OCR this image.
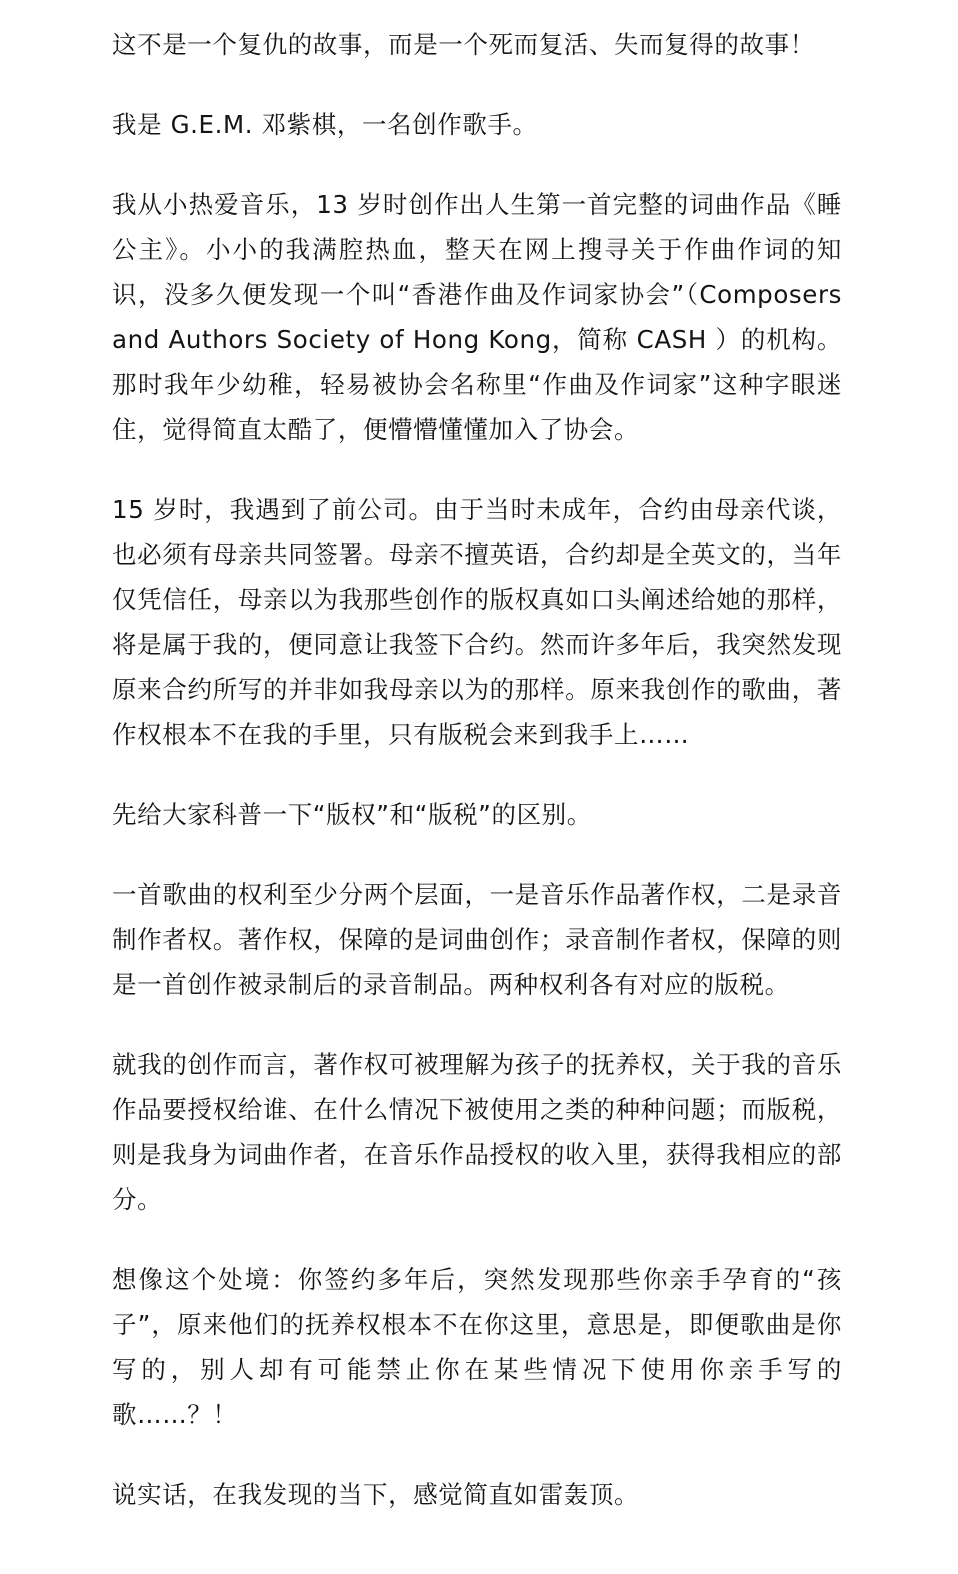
这不是一个复仇的故事，而是一个死而复活、失而复得的故事！

我是 G.E.M. 邓紫棋，一名创作歌手。

我从小热爱音乐，13 岁时创作出人生第一首完整的词曲作品《睡公主》。小小的我满腔热血，整天在网上搜寻关于作曲作词的知识，没多久便发现一个叫“香港作曲及作词家协会”（Composers and Authors Society of Hong Kong，简称 CASH ）的机构。那时我年少幼稚，轻易被协会名称里“作曲及作词家”这种字眼迷住，觉得简直太酷了，便懵懵懂懂加入了协会。

15 岁时，我遇到了前公司。由于当时未成年，合约由母亲代谈，也必须有母亲共同签署。母亲不擅英语，合约却是全英文的，当年仅凭信任，母亲以为我那些创作的版权真如口头阐述给她的那样，将是属于我的，便同意让我签下合约。然而许多年后，我突然发现原来合约所写的并非如我母亲以为的那样。原来我创作的歌曲，著作权根本不在我的手里，只有版税会来到我手上……

先给大家科普一下“版权”和“版税”的区别。

一首歌曲的权利至少分两个层面，一是音乐作品著作权，二是录音制作者权。著作权，保障的是词曲创作；录音制作者权，保障的则是一首创作被录制后的录音制品。两种权利各有对应的版税。

就我的创作而言，著作权可被理解为孩子的抚养权，关于我的音乐作品要授权给谁、在什么情况下被使用之类的种种问题；而版税，则是我身为词曲作者，在音乐作品授权的收入里，获得我相应的部分。

想像这个处境：你签约多年后，突然发现那些你亲手孕育的“孩子”，原来他们的抚养权根本不在你这里，意思是，即便歌曲是你写的，别人却有可能禁止你在某些情况下使用你亲手写的歌……？！

说实话，在我发现的当下，感觉简直如雷轰顶。
